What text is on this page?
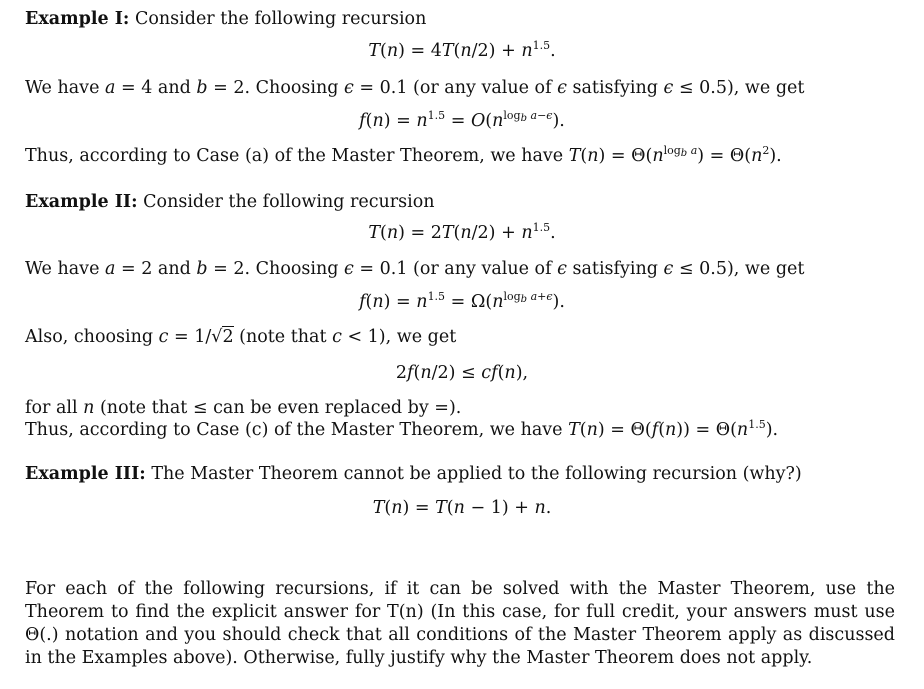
Example I: Consider the following recursion
$T(n) = 4T(n/2) + n^{1.5}$.
We have a = 4 and b = 2. Choosing ϵ = 0.1 (or any value of ϵ satisfying ϵ ≤ 0.5), we get
$f(n) = n^{1.5} = O(n^{log_b a-\epsilon})$.
Thus, according to Case (a) of the Master Theorem, we have $T(n) = \Theta(n^{log_b a}) = \Theta(n^2)$.
Example II: Consider the following recursion
$T(n) = 2T(n/2) + n^{1.5}$.
We have a = 2 and b = 2. Choosing ϵ = 0.1 (or any value of ϵ satisfying ϵ ≤ 0.5), we get
$f(n) = n^{1.5} = \Omega(n^{log_b a+\epsilon})$.
Also, choosing c = 1/√2 (note that c < 1), we get
2f(n/2) ≤ cf(n),
for all n (note that ≤ can be even replaced by =).
Thus, according to Case (c) of the Master Theorem, we have $T(n) = \Theta(f(n)) = \Theta(n^{1.5})$.
Example III: The Master Theorem cannot be applied to the following recursion (why?)
T(n) = T(n − 1) + n.
For each of the following recursions, if it can be solved with the Master Theorem, use the Theorem to find the explicit answer for T(n) (In this case, for full credit, your answers must use Θ(.) notation and you should check that all conditions of the Master Theorem apply as discussed in the Examples above). Otherwise, fully justify why the Master Theorem does not apply.
